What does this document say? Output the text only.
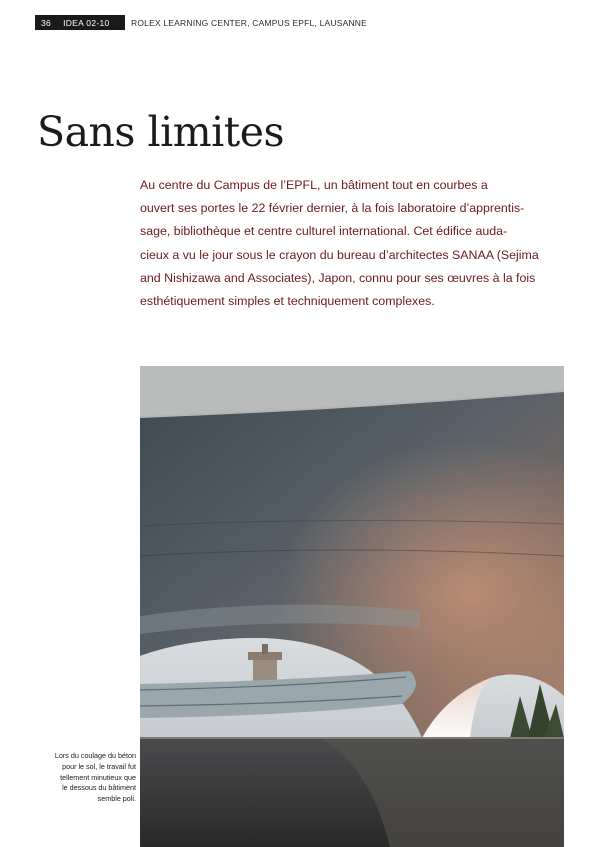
36 IDEA 02-10	ROLEX LEARNING CENTER, CAMPUS EPFL, LAUSANNE
Sans limites

Au centre du Campus de l’EPFL, un bâtiment tout en courbes a
ouvert ses portes le 22 février dernier, à la fois laboratoire d’apprentis-
sage, bibliothèque et centre culturel international. Cet édifice auda-
cieux a vu le jour sous le crayon du bureau d’architectes SANAA (Sejima
and Nishizawa and Associates), Japon, connu pour ses œuvres à la fois
esthétiquement simples et techniquement complexes.

Lors du coulage du béton
pour le sol, le travail fut
tellement minutieux que
le dessous du bâtiment
semble poli.
